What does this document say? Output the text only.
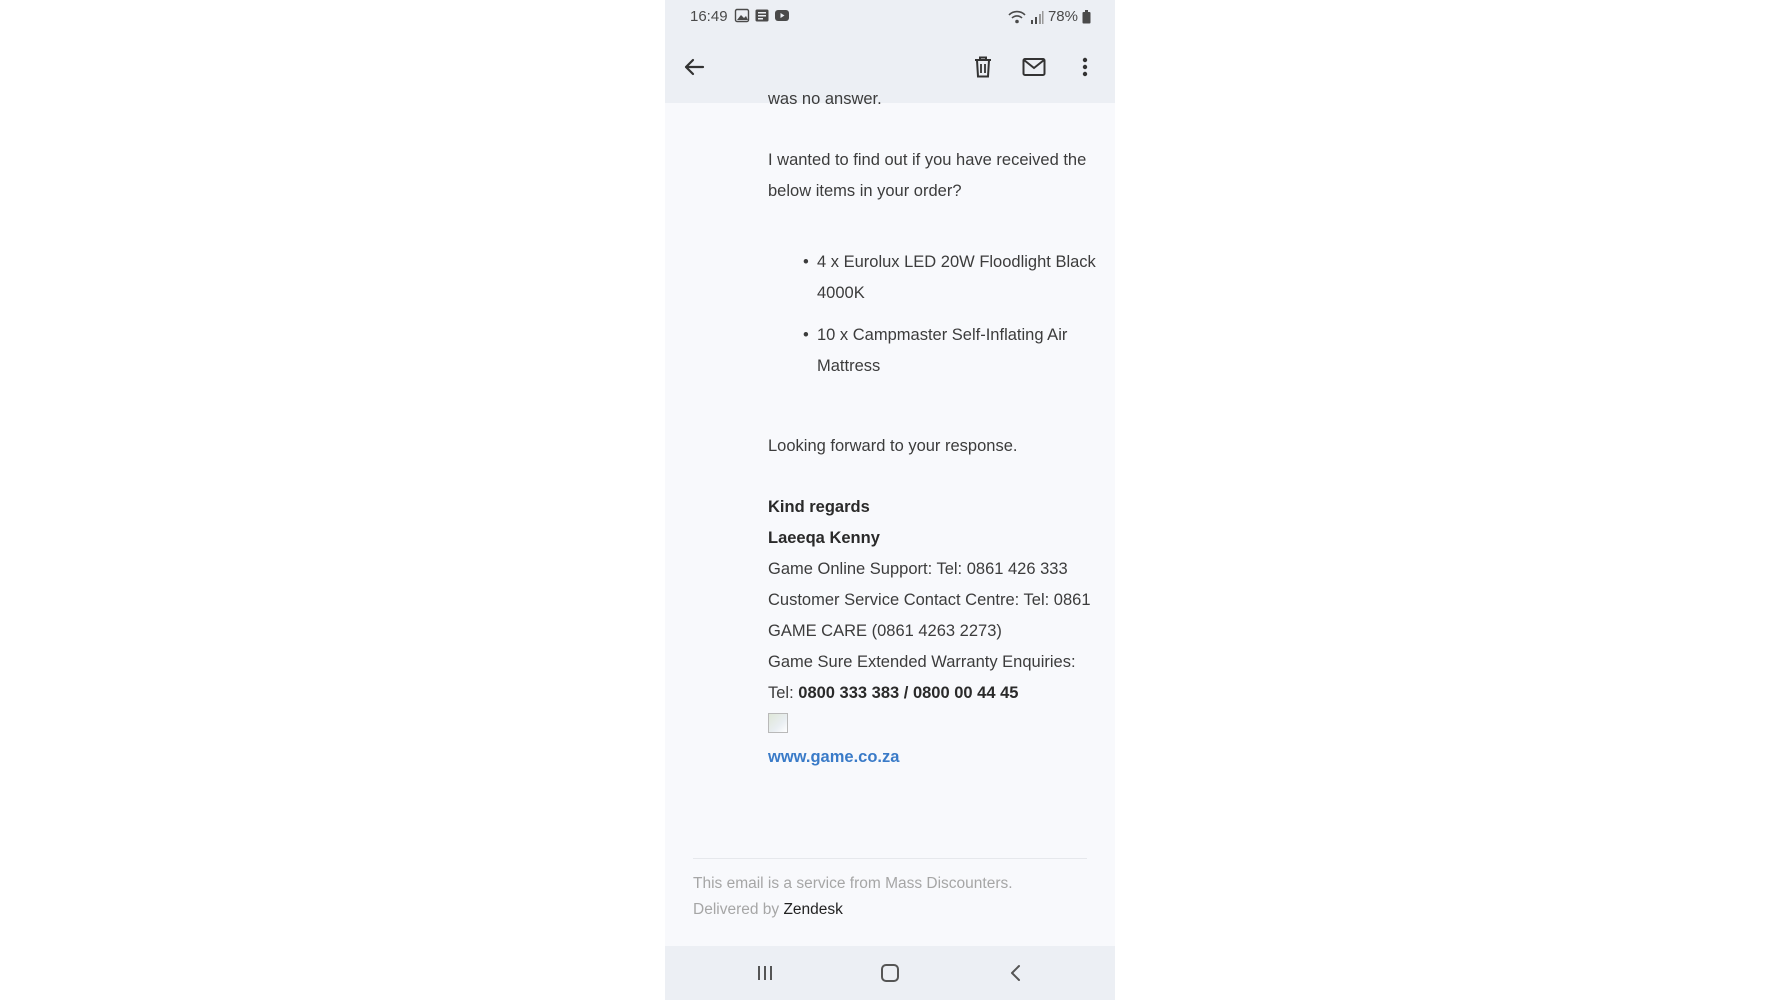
16:49	78%
was no answer.
I wanted to find out if you have received the below items in your order?
• 4 x Eurolux LED 20W Floodlight Black 4000K
• 10 x Campmaster Self-Inflating Air Mattress
Looking forward to your response.
Kind regards
Laeeqa Kenny
Game Online Support: Tel: 0861 426 333
Customer Service Contact Centre: Tel: 0861 GAME CARE (0861 4263 2273)
Game Sure Extended Warranty Enquiries:
Tel: 0800 333 383 / 0800 00 44 45
www.game.co.za
This email is a service from Mass Discounters.
Delivered by Zendesk
